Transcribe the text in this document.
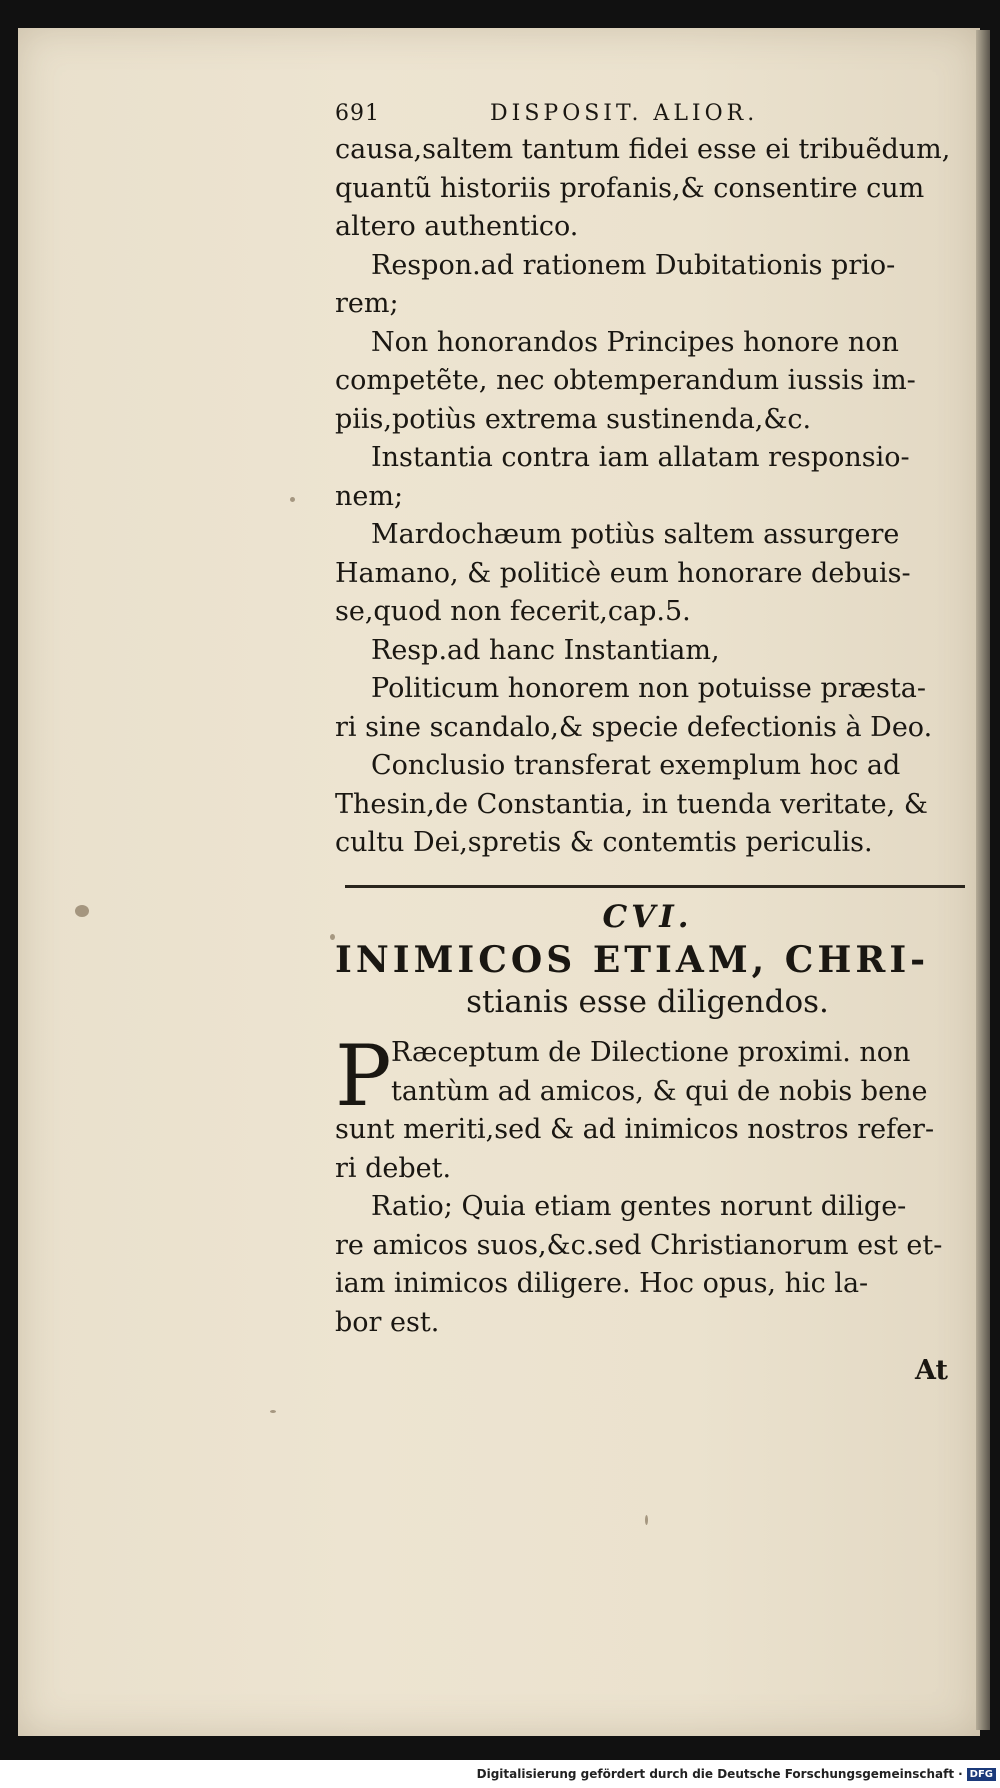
691	DISPOSIT. ALIOR.
causa,saltem tantum fidei esse ei tribuẽdum,
quantũ historiis profanis,& consentire cum
altero authentico.
Respon.ad rationem Dubitationis prio-
rem;
Non honorandos Principes honore non
competẽte, nec obtemperandum iussis im-
piis,potiùs extrema sustinenda,&c.
Instantia contra iam allatam responsio-
nem;
Mardochæum potiùs saltem assurgere
Hamano, & politicè eum honorare debuis-
se,quod non fecerit,cap.5.
Resp.ad hanc Instantiam,
Politicum honorem non potuisse præsta-
ri sine scandalo,& specie defectionis à Deo.
Conclusio transferat exemplum hoc ad
Thesin,de Constantia, in tuenda veritate, &
cultu Dei,spretis & contemtis periculis.
CVI.
INIMICOS ETIAM, CHRI-
stianis esse diligendos.
P Ræceptum de Dilectione proximi. non
tantùm ad amicos, & qui de nobis bene
sunt meriti,sed & ad inimicos nostros refer-
ri debet.
Ratio; Quia etiam gentes norunt dilige-
re amicos suos,&c.sed Christianorum est et-
iam inimicos diligere. Hoc opus, hic la-
bor est.
At
Digitalisierung gefördert durch die Deutsche Forschungsgemeinschaft · DFG
